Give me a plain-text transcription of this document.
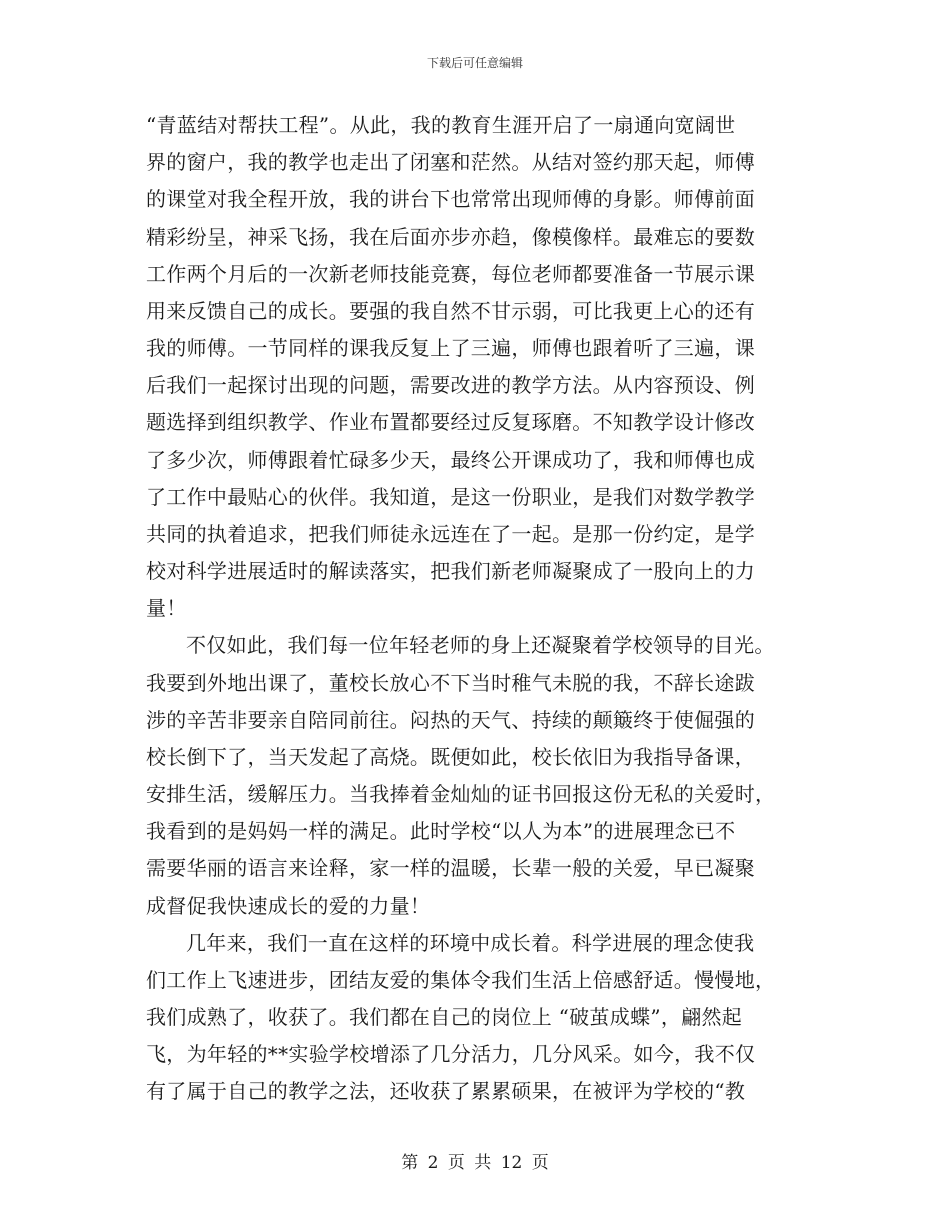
下载后可任意编辑
“青蓝结对帮扶工程”。从此，我的教育生涯开启了一扇通向宽阔世
界的窗户，我的教学也走出了闭塞和茫然。从结对签约那天起，师傅
的课堂对我全程开放，我的讲台下也常常出现师傅的身影。师傅前面
精彩纷呈，神采飞扬，我在后面亦步亦趋，像模像样。最难忘的要数
工作两个月后的一次新老师技能竞赛，每位老师都要准备一节展示课
用来反馈自己的成长。要强的我自然不甘示弱，可比我更上心的还有
我的师傅。一节同样的课我反复上了三遍，师傅也跟着听了三遍，课
后我们一起探讨出现的问题，需要改进的教学方法。从内容预设、例
题选择到组织教学、作业布置都要经过反复琢磨。不知教学设计修改
了多少次，师傅跟着忙碌多少天，最终公开课成功了，我和师傅也成
了工作中最贴心的伙伴。我知道，是这一份职业，是我们对数学教学
共同的执着追求，把我们师徒永远连在了一起。是那一份约定，是学
校对科学进展适时的解读落实，把我们新老师凝聚成了一股向上的力
量！
不仅如此，我们每一位年轻老师的身上还凝聚着学校领导的目光。
我要到外地出课了，董校长放心不下当时稚气未脱的我，不辞长途跋
涉的辛苦非要亲自陪同前往。闷热的天气、持续的颠簸终于使倔强的
校长倒下了，当天发起了高烧。既便如此，校长依旧为我指导备课，
安排生活，缓解压力。当我捧着金灿灿的证书回报这份无私的关爱时，
我看到的是妈妈一样的满足。此时学校“以人为本”的进展理念已不
需要华丽的语言来诠释，家一样的温暖，长辈一般的关爱，早已凝聚
成督促我快速成长的爱的力量！
几年来，我们一直在这样的环境中成长着。科学进展的理念使我
们工作上飞速进步，团结友爱的集体令我们生活上倍感舒适。慢慢地，
我们成熟了，收获了。我们都在自己的岗位上 “破茧成蝶”，翩然起
飞，为年轻的**实验学校增添了几分活力，几分风采。如今，我不仅
有了属于自己的教学之法，还收获了累累硕果，在被评为学校的“教
第 2 页 共 12 页
